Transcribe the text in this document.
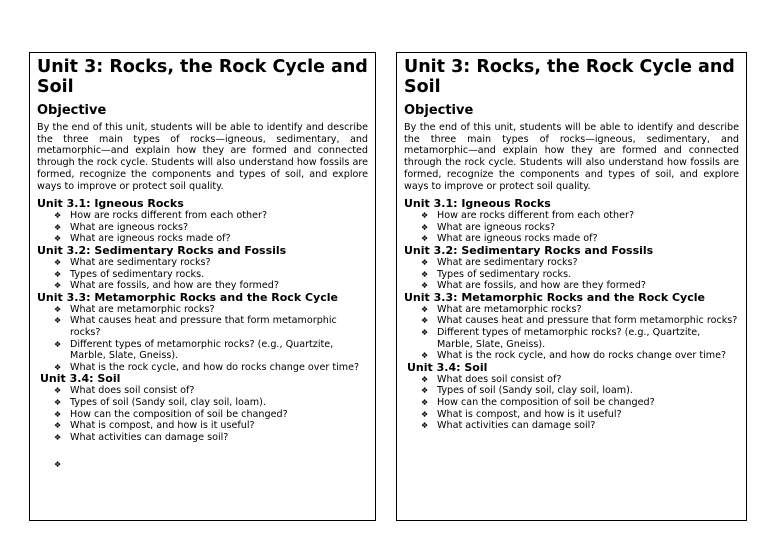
Unit 3: Rocks, the Rock Cycle and Soil
Objective
By the end of this unit, students will be able to identify and describe the three main types of rocks—igneous, sedimentary, and metamorphic—and explain how they are formed and connected through the rock cycle. Students will also understand how fossils are formed, recognize the components and types of soil, and explore ways to improve or protect soil quality.
Unit 3.1: Igneous Rocks
❖ How are rocks different from each other?
❖ What are igneous rocks?
❖ What are igneous rocks made of?
Unit 3.2: Sedimentary Rocks and Fossils
❖ What are sedimentary rocks?
❖ Types of sedimentary rocks.
❖ What are fossils, and how are they formed?
Unit 3.3: Metamorphic Rocks and the Rock Cycle
❖ What are metamorphic rocks?
❖ What causes heat and pressure that form metamorphic rocks?
❖ Different types of metamorphic rocks? (e.g., Quartzite, Marble, Slate, Gneiss).
❖ What is the rock cycle, and how do rocks change over time?
Unit 3.4: Soil
❖ What does soil consist of?
❖ Types of soil (Sandy soil, clay soil, loam).
❖ How can the composition of soil be changed?
❖ What is compost, and how is it useful?
❖ What activities can damage soil?
❖
Unit 3: Rocks, the Rock Cycle and Soil
Objective
By the end of this unit, students will be able to identify and describe the three main types of rocks—igneous, sedimentary, and metamorphic—and explain how they are formed and connected through the rock cycle. Students will also understand how fossils are formed, recognize the components and types of soil, and explore ways to improve or protect soil quality.
Unit 3.1: Igneous Rocks
❖ How are rocks different from each other?
❖ What are igneous rocks?
❖ What are igneous rocks made of?
Unit 3.2: Sedimentary Rocks and Fossils
❖ What are sedimentary rocks?
❖ Types of sedimentary rocks.
❖ What are fossils, and how are they formed?
Unit 3.3: Metamorphic Rocks and the Rock Cycle
❖ What are metamorphic rocks?
❖ What causes heat and pressure that form metamorphic rocks?
❖ Different types of metamorphic rocks? (e.g., Quartzite, Marble, Slate, Gneiss).
❖ What is the rock cycle, and how do rocks change over time?
Unit 3.4: Soil
❖ What does soil consist of?
❖ Types of soil (Sandy soil, clay soil, loam).
❖ How can the composition of soil be changed?
❖ What is compost, and how is it useful?
❖ What activities can damage soil?
